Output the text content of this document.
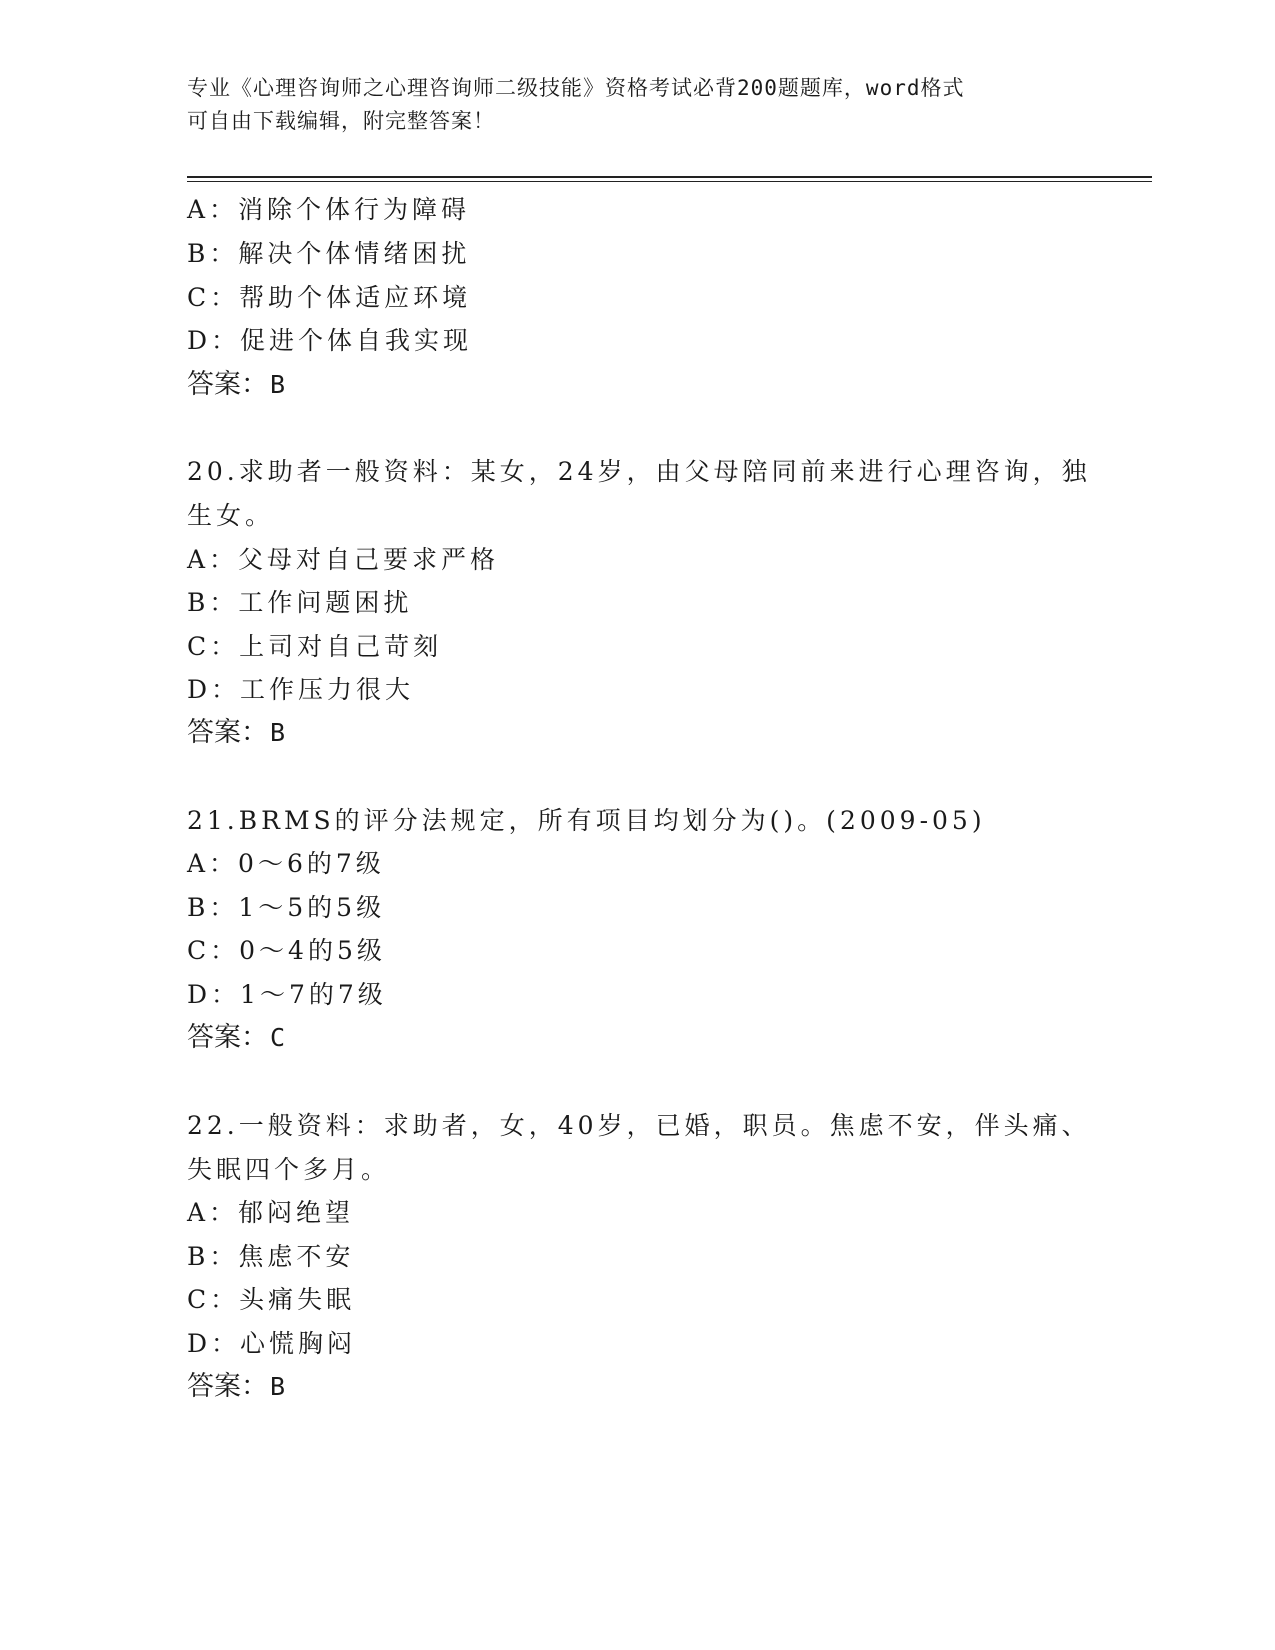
专业《心理咨询师之心理咨询师二级技能》资格考试必背200题题库，word格式
可自由下载编辑，附完整答案！
A：消除个体行为障碍
B：解决个体情绪困扰
C：帮助个体适应环境
D：促进个体自我实现
答案：B
20.求助者一般资料：某女，24岁，由父母陪同前来进行心理咨询，独
生女。
A：父母对自己要求严格
B：工作问题困扰
C：上司对自己苛刻
D：工作压力很大
答案：B
21.BRMS的评分法规定，所有项目均划分为()。(2009-05)
A：0～6的7级
B：1～5的5级
C：0～4的5级
D：1～7的7级
答案：C
22.一般资料：求助者，女，40岁，已婚，职员。焦虑不安，伴头痛、
失眠四个多月。
A：郁闷绝望
B：焦虑不安
C：头痛失眠
D：心慌胸闷
答案：B
